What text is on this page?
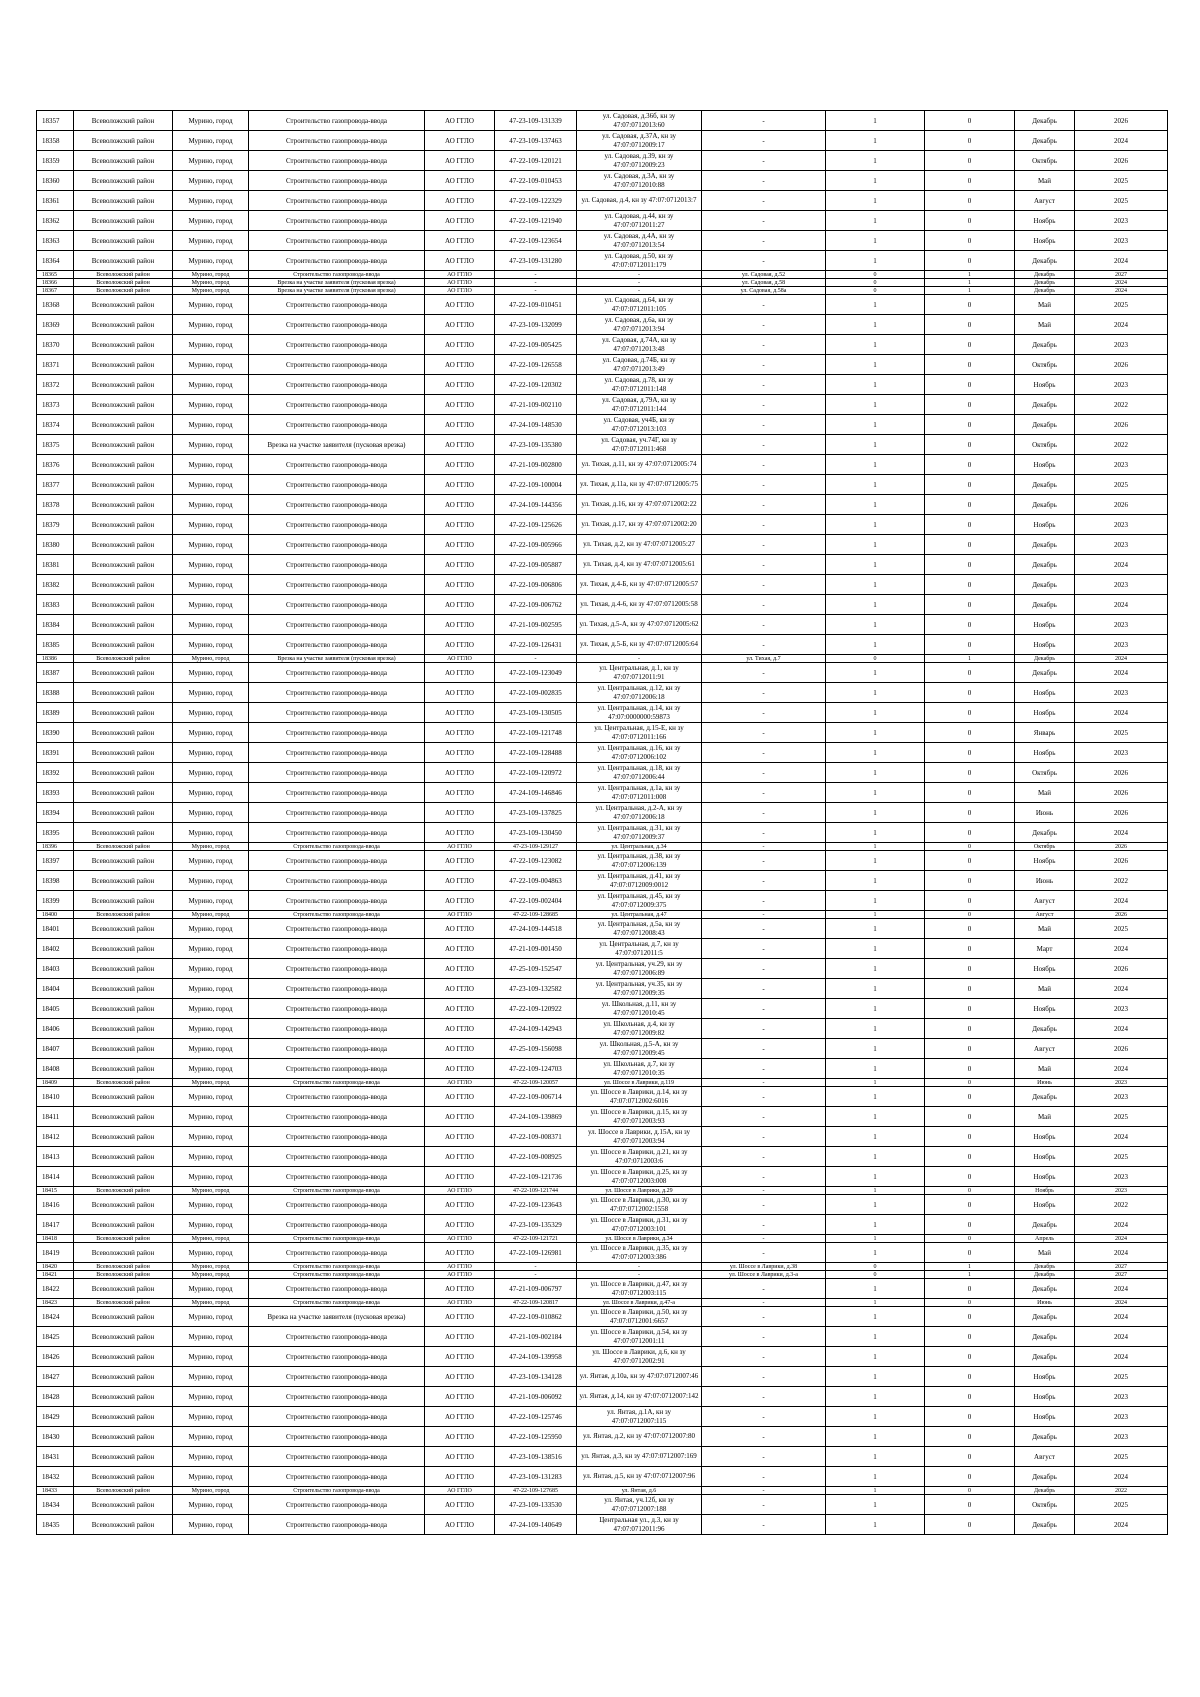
18357	Всеволожский район	Мурино, город	Строительство газопровода-ввода	АО ГГЛО	47-23-109-131339	ул. Садовая, д.36б, кн зу 47:07:0712013:60	-	1	0	Декабрь	2026
18358	Всеволожский район	Мурино, город	Строительство газопровода-ввода	АО ГГЛО	47-23-109-137463	ул. Садовая, д.37А, кн зу 47:07:0712009:17	-	1	0	Декабрь	2024
18359	Всеволожский район	Мурино, город	Строительство газопровода-ввода	АО ГГЛО	47-22-109-120121	ул. Садовая, д.39, кн зу 47:07:0712009:23	-	1	0	Октябрь	2026
18360	Всеволожский район	Мурино, город	Строительство газопровода-ввода	АО ГГЛО	47-22-109-010453	ул. Садовая, д.3А, кн зу 47:07:0712010:88	-	1	0	Май	2025
18361	Всеволожский район	Мурино, город	Строительство газопровода-ввода	АО ГГЛО	47-22-109-122329	ул. Садовая, д.4, кн зу 47:07:0712013:7	-	1	0	Август	2025
18362	Всеволожский район	Мурино, город	Строительство газопровода-ввода	АО ГГЛО	47-22-109-121940	ул. Садовая, д.44, кн зу 47:07:0712011:27	-	1	0	Ноябрь	2023
18363	Всеволожский район	Мурино, город	Строительство газопровода-ввода	АО ГГЛО	47-22-109-123654	ул. Садовая, д.4А, кн зу 47:07:0712013:54	-	1	0	Ноябрь	2023
18364	Всеволожский район	Мурино, город	Строительство газопровода-ввода	АО ГГЛО	47-23-109-131280	ул. Садовая, д.50, кн зу 47:07:0712011:179	-	1	0	Декабрь	2024
18365	Всеволожский район	Мурино, город	Строительство газопровода-ввода	АО ГГЛО	-	-	ул. Садовая, д.52	0	1	Декабрь	2027
18366	Всеволожский район	Мурино, город	Врезка на участке заявителя (пусковая врезка)	АО ГГЛО	-	-	ул. Садовая, д.58	0	1	Декабрь	2024
18367	Всеволожский район	Мурино, город	Врезка на участке заявителя (пусковая врезка)	АО ГГЛО	-	-	ул. Садовая, д.58а	0	1	Декабрь	2024
18368	Всеволожский район	Мурино, город	Строительство газопровода-ввода	АО ГГЛО	47-22-109-010451	ул. Садовая, д.64, кн зу 47:07:0712011:105	-	1	0	Май	2025
18369	Всеволожский район	Мурино, город	Строительство газопровода-ввода	АО ГГЛО	47-23-109-132099	ул. Садовая, д.6а, кн зу 47:07:0712013:94	-	1	0	Май	2024
18370	Всеволожский район	Мурино, город	Строительство газопровода-ввода	АО ГГЛО	47-22-109-005425	ул. Садовая, д.74А, кн зу 47:07:0712013:48	-	1	0	Декабрь	2023
18371	Всеволожский район	Мурино, город	Строительство газопровода-ввода	АО ГГЛО	47-22-109-126558	ул. Садовая, д.74Б, кн зу 47:07:0712013:49	-	1	0	Октябрь	2026
18372	Всеволожский район	Мурино, город	Строительство газопровода-ввода	АО ГГЛО	47-22-109-120302	ул. Садовая, д.78, кн зу 47:07:0712011:148	-	1	0	Ноябрь	2023
18373	Всеволожский район	Мурино, город	Строительство газопровода-ввода	АО ГГЛО	47-21-109-002110	ул. Садовая, д.79А, кн зу 47:07:0712011:144	-	1	0	Декабрь	2022
18374	Всеволожский район	Мурино, город	Строительство газопровода-ввода	АО ГГЛО	47-24-109-148530	ул. Садовая, уч4Б, кн зу 47:07:0712013:103	-	1	0	Декабрь	2026
18375	Всеволожский район	Мурино, город	Врезка на участке заявителя (пусковая врезка)	АО ГГЛО	47-23-109-135380	ул. Садовая, уч.74Г, кн зу 47:07:0712011:468	-	1	0	Октябрь	2022
18376	Всеволожский район	Мурино, город	Строительство газопровода-ввода	АО ГГЛО	47-21-109-002800	ул. Тихая, д.11, кн зу 47:07:0712005:74	-	1	0	Ноябрь	2023
18377	Всеволожский район	Мурино, город	Строительство газопровода-ввода	АО ГГЛО	47-22-109-100004	ул. Тихая, д.11а, кн зу 47:07:0712005:75	-	1	0	Декабрь	2025
18378	Всеволожский район	Мурино, город	Строительство газопровода-ввода	АО ГГЛО	47-24-109-144356	ул. Тихая, д.16, кн зу 47:07:0712002:22	-	1	0	Декабрь	2026
18379	Всеволожский район	Мурино, город	Строительство газопровода-ввода	АО ГГЛО	47-22-109-125626	ул. Тихая, д.17, кн зу 47:07:0712002:20	-	1	0	Ноябрь	2023
18380	Всеволожский район	Мурино, город	Строительство газопровода-ввода	АО ГГЛО	47-22-109-005966	ул. Тихая, д.2, кн зу 47:07:0712005:27	-	1	0	Декабрь	2023
18381	Всеволожский район	Мурино, город	Строительство газопровода-ввода	АО ГГЛО	47-22-109-005887	ул. Тихая, д.4, кн зу 47:07:0712005:61	-	1	0	Декабрь	2024
18382	Всеволожский район	Мурино, город	Строительство газопровода-ввода	АО ГГЛО	47-22-109-006806	ул. Тихая, д.4-Б, кн зу 47:07:0712005:57	-	1	0	Декабрь	2023
18383	Всеволожский район	Мурино, город	Строительство газопровода-ввода	АО ГГЛО	47-22-109-006762	ул. Тихая, д.4-6, кн зу 47:07:0712005:58	-	1	0	Декабрь	2024
18384	Всеволожский район	Мурино, город	Строительство газопровода-ввода	АО ГГЛО	47-21-109-002595	ул. Тихая, д.5-А, кн зу 47:07:0712005:62	-	1	0	Ноябрь	2023
18385	Всеволожский район	Мурино, город	Строительство газопровода-ввода	АО ГГЛО	47-22-109-126431	ул. Тихая, д.5-Б, кн зу 47:07:0712005:64	-	1	0	Ноябрь	2023
18386	Всеволожский район	Мурино, город	Врезка на участке заявителя (пусковая врезка)	АО ГГЛО	-	-	ул. Тихая, д.7	0	1	Декабрь	2024
18387	Всеволожский район	Мурино, город	Строительство газопровода-ввода	АО ГГЛО	47-22-109-123049	ул. Центральная, д.1, кн зу 47:07:0712011:91	-	1	0	Декабрь	2024
18388	Всеволожский район	Мурино, город	Строительство газопровода-ввода	АО ГГЛО	47-22-109-002835	ул. Центральная, д.12, кн зу 47:07:0712006:18	-	1	0	Ноябрь	2023
18389	Всеволожский район	Мурино, город	Строительство газопровода-ввода	АО ГГЛО	47-23-109-130505	ул. Центральная, д.14, кн зу 47:07:0000000:59873	-	1	0	Ноябрь	2024
18390	Всеволожский район	Мурино, город	Строительство газопровода-ввода	АО ГГЛО	47-22-109-121748	ул. Центральная, д.15-Е, кн зу 47:07:0712011:166	-	1	0	Январь	2025
18391	Всеволожский район	Мурино, город	Строительство газопровода-ввода	АО ГГЛО	47-22-109-128488	ул. Центральная, д.16, кн зу 47:07:0712006:102	-	1	0	Ноябрь	2023
18392	Всеволожский район	Мурино, город	Строительство газопровода-ввода	АО ГГЛО	47-22-109-120972	ул. Центральная, д.18, кн зу 47:07:0712006:44	-	1	0	Октябрь	2026
18393	Всеволожский район	Мурино, город	Строительство газопровода-ввода	АО ГГЛО	47-24-109-146846	ул. Центральная, д.1а, кн зу 47:07:0712011:008	-	1	0	Май	2026
18394	Всеволожский район	Мурино, город	Строительство газопровода-ввода	АО ГГЛО	47-23-109-137825	ул. Центральная, д.2-А, кн зу 47:07:0712006:18	-	1	0	Июнь	2026
18395	Всеволожский район	Мурино, город	Строительство газопровода-ввода	АО ГГЛО	47-23-109-130450	ул. Центральная, д.31, кн зу 47:07:0712009:37	-	1	0	Декабрь	2024
18396	Всеволожский район	Мурино, город	Строительство газопровода-ввода	АО ГГЛО	47-23-109-129127	ул. Центральная, д.34	-	1	0	Октябрь	2026
18397	Всеволожский район	Мурино, город	Строительство газопровода-ввода	АО ГГЛО	47-22-109-123082	ул. Центральная, д.38, кн зу 47:07:0712006:139	-	1	0	Ноябрь	2026
18398	Всеволожский район	Мурино, город	Строительство газопровода-ввода	АО ГГЛО	47-22-109-004863	ул. Центральная, д.41, кн зу 47:07:0712009:0012	-	1	0	Июнь	2022
18399	Всеволожский район	Мурино, город	Строительство газопровода-ввода	АО ГГЛО	47-22-109-002404	ул. Центральная, д.45, кн зу 47:07:0712009:375	-	1	0	Август	2024
18400	Всеволожский район	Мурино, город	Строительство газопровода-ввода	АО ГГЛО	47-22-109-128685	ул. Центральная, д.47	-	1	0	Август	2026
18401	Всеволожский район	Мурино, город	Строительство газопровода-ввода	АО ГГЛО	47-24-109-144518	ул. Центральная, д.5а, кн зу 47:07:0712008:43	-	1	0	Май	2025
18402	Всеволожский район	Мурино, город	Строительство газопровода-ввода	АО ГГЛО	47-21-109-001450	ул. Центральная, д.7, кн зу 47:07:0712011:5	-	1	0	Март	2024
18403	Всеволожский район	Мурино, город	Строительство газопровода-ввода	АО ГГЛО	47-25-109-152547	ул. Центральная, уч.29, кн зу 47:07:0712006:89	-	1	0	Ноябрь	2026
18404	Всеволожский район	Мурино, город	Строительство газопровода-ввода	АО ГГЛО	47-23-109-132582	ул. Центральная, уч.35, кн зу 47:07:0712009:35	-	1	0	Май	2024
18405	Всеволожский район	Мурино, город	Строительство газопровода-ввода	АО ГГЛО	47-22-109-120922	ул. Школьная, д.11, кн зу 47:07:0712010:45	-	1	0	Ноябрь	2023
18406	Всеволожский район	Мурино, город	Строительство газопровода-ввода	АО ГГЛО	47-24-109-142943	ул. Школьная, д.4, кн зу 47:07:0712009:82	-	1	0	Декабрь	2024
18407	Всеволожский район	Мурино, город	Строительство газопровода-ввода	АО ГГЛО	47-25-109-156098	ул. Школьная, д.5-А, кн зу 47:07:0712009:45	-	1	0	Август	2026
18408	Всеволожский район	Мурино, город	Строительство газопровода-ввода	АО ГГЛО	47-22-109-124703	ул. Школьная, д.7, кн зу 47:07:0712010:35	-	1	0	Май	2024
18409	Всеволожский район	Мурино, город	Строительство газопровода-ввода	АО ГГЛО	47-22-109-120057	ул. Шоссе в Лаврики, д.119	-	1	0	Июнь	2023
18410	Всеволожский район	Мурино, город	Строительство газопровода-ввода	АО ГГЛО	47-22-109-006714	ул. Шоссе в Лаврики, д.14, кн зу 47:07:0712002:6016	-	1	0	Декабрь	2023
18411	Всеволожский район	Мурино, город	Строительство газопровода-ввода	АО ГГЛО	47-24-109-139869	ул. Шоссе в Лаврики, д.15, кн зу 47:07:0712003:93	-	1	0	Май	2025
18412	Всеволожский район	Мурино, город	Строительство газопровода-ввода	АО ГГЛО	47-22-109-008371	ул. Шоссе в Лаврики, д.15А, кн зу 47:07:0712003:94	-	1	0	Ноябрь	2024
18413	Всеволожский район	Мурино, город	Строительство газопровода-ввода	АО ГГЛО	47-22-109-008925	ул. Шоссе в Лаврики, д.21, кн зу 47:07:0712003:6	-	1	0	Ноябрь	2025
18414	Всеволожский район	Мурино, город	Строительство газопровода-ввода	АО ГГЛО	47-22-109-121736	ул. Шоссе в Лаврики, д.25, кн зу 47:07:0712003:008	-	1	0	Ноябрь	2023
18415	Всеволожский район	Мурино, город	Строительство газопровода-ввода	АО ГГЛО	47-22-109-121744	ул. Шоссе в Лаврики, д.29	-	1	0	Ноябрь	2023
18416	Всеволожский район	Мурино, город	Строительство газопровода-ввода	АО ГГЛО	47-22-109-123643	ул. Шоссе в Лаврики, д.30, кн зу 47:07:0712002:1558	-	1	0	Ноябрь	2022
18417	Всеволожский район	Мурино, город	Строительство газопровода-ввода	АО ГГЛО	47-23-109-135329	ул. Шоссе в Лаврики, д.31, кн зу 47:07:0712003:101	-	1	0	Декабрь	2024
18418	Всеволожский район	Мурино, город	Строительство газопровода-ввода	АО ГГЛО	47-22-109-121721	ул. Шоссе в Лаврики, д.34	-	1	0	Апрель	2024
18419	Всеволожский район	Мурино, город	Строительство газопровода-ввода	АО ГГЛО	47-22-109-126981	ул. Шоссе в Лаврики, д.35, кн зу 47:07:0712003:386	-	1	0	Май	2024
18420	Всеволожский район	Мурино, город	Строительство газопровода-ввода	АО ГГЛО	-	-	ул. Шоссе в Лаврики, д.38	0	1	Декабрь	2027
18421	Всеволожский район	Мурино, город	Строительство газопровода-ввода	АО ГГЛО	-	-	ул. Шоссе в Лаврики, д.3-а	0	1	Декабрь	2027
18422	Всеволожский район	Мурино, город	Строительство газопровода-ввода	АО ГГЛО	47-21-109-006797	ул. Шоссе в Лаврики, д.47, кн зу 47:07:0712003:115	-	1	0	Декабрь	2024
18423	Всеволожский район	Мурино, город	Строительство газопровода-ввода	АО ГГЛО	47-22-109-120817	ул. Шоссе в Лаврики, д.47-а	-	1	0	Июнь	2024
18424	Всеволожский район	Мурино, город	Врезка на участке заявителя (пусковая врезка)	АО ГГЛО	47-22-109-010862	ул. Шоссе в Лаврики, д.50, кн зу 47:07:0712001:6657	-	1	0	Декабрь	2024
18425	Всеволожский район	Мурино, город	Строительство газопровода-ввода	АО ГГЛО	47-21-109-002184	ул. Шоссе в Лаврики, д.54, кн зу 47:07:0712001:11	-	1	0	Декабрь	2024
18426	Всеволожский район	Мурино, город	Строительство газопровода-ввода	АО ГГЛО	47-24-109-139958	ул. Шоссе в Лаврики, д.6, кн зу 47:07:0712002:91	-	1	0	Декабрь	2024
18427	Всеволожский район	Мурино, город	Строительство газопровода-ввода	АО ГГЛО	47-23-109-134128	ул. Янтая, д.10а, кн зу 47:07:0712007:46	-	1	0	Ноябрь	2025
18428	Всеволожский район	Мурино, город	Строительство газопровода-ввода	АО ГГЛО	47-21-109-006092	ул. Янтая, д.14, кн зу 47:07:0712007:142	-	1	0	Ноябрь	2023
18429	Всеволожский район	Мурино, город	Строительство газопровода-ввода	АО ГГЛО	47-22-109-125746	ул. Янтая, д.1А, кн зу 47:07:0712007:115	-	1	0	Ноябрь	2023
18430	Всеволожский район	Мурино, город	Строительство газопровода-ввода	АО ГГЛО	47-22-109-125950	ул. Янтая, д.2, кн зу 47:07:0712007:80	-	1	0	Декабрь	2023
18431	Всеволожский район	Мурино, город	Строительство газопровода-ввода	АО ГГЛО	47-23-109-138516	ул. Янтая, д.3, кн зу 47:07:0712007:169	-	1	0	Август	2025
18432	Всеволожский район	Мурино, город	Строительство газопровода-ввода	АО ГГЛО	47-23-109-131283	ул. Янтая, д.5, кн зу 47:07:0712007:96	-	1	0	Декабрь	2024
18433	Всеволожский район	Мурино, город	Строительство газопровода-ввода	АО ГГЛО	47-22-109-127685	ул. Янтая, д.6	-	1	0	Декабрь	2022
18434	Всеволожский район	Мурино, город	Строительство газопровода-ввода	АО ГГЛО	47-23-109-133530	ул. Янтая, уч.12б, кн зу 47:07:0712007:188	-	1	0	Октябрь	2025
18435	Всеволожский район	Мурино, город	Строительство газопровода-ввода	АО ГГЛО	47-24-109-140649	Центральная ул., д.3, кн зу 47:07:0712011:96	-	1	0	Декабрь	2024
